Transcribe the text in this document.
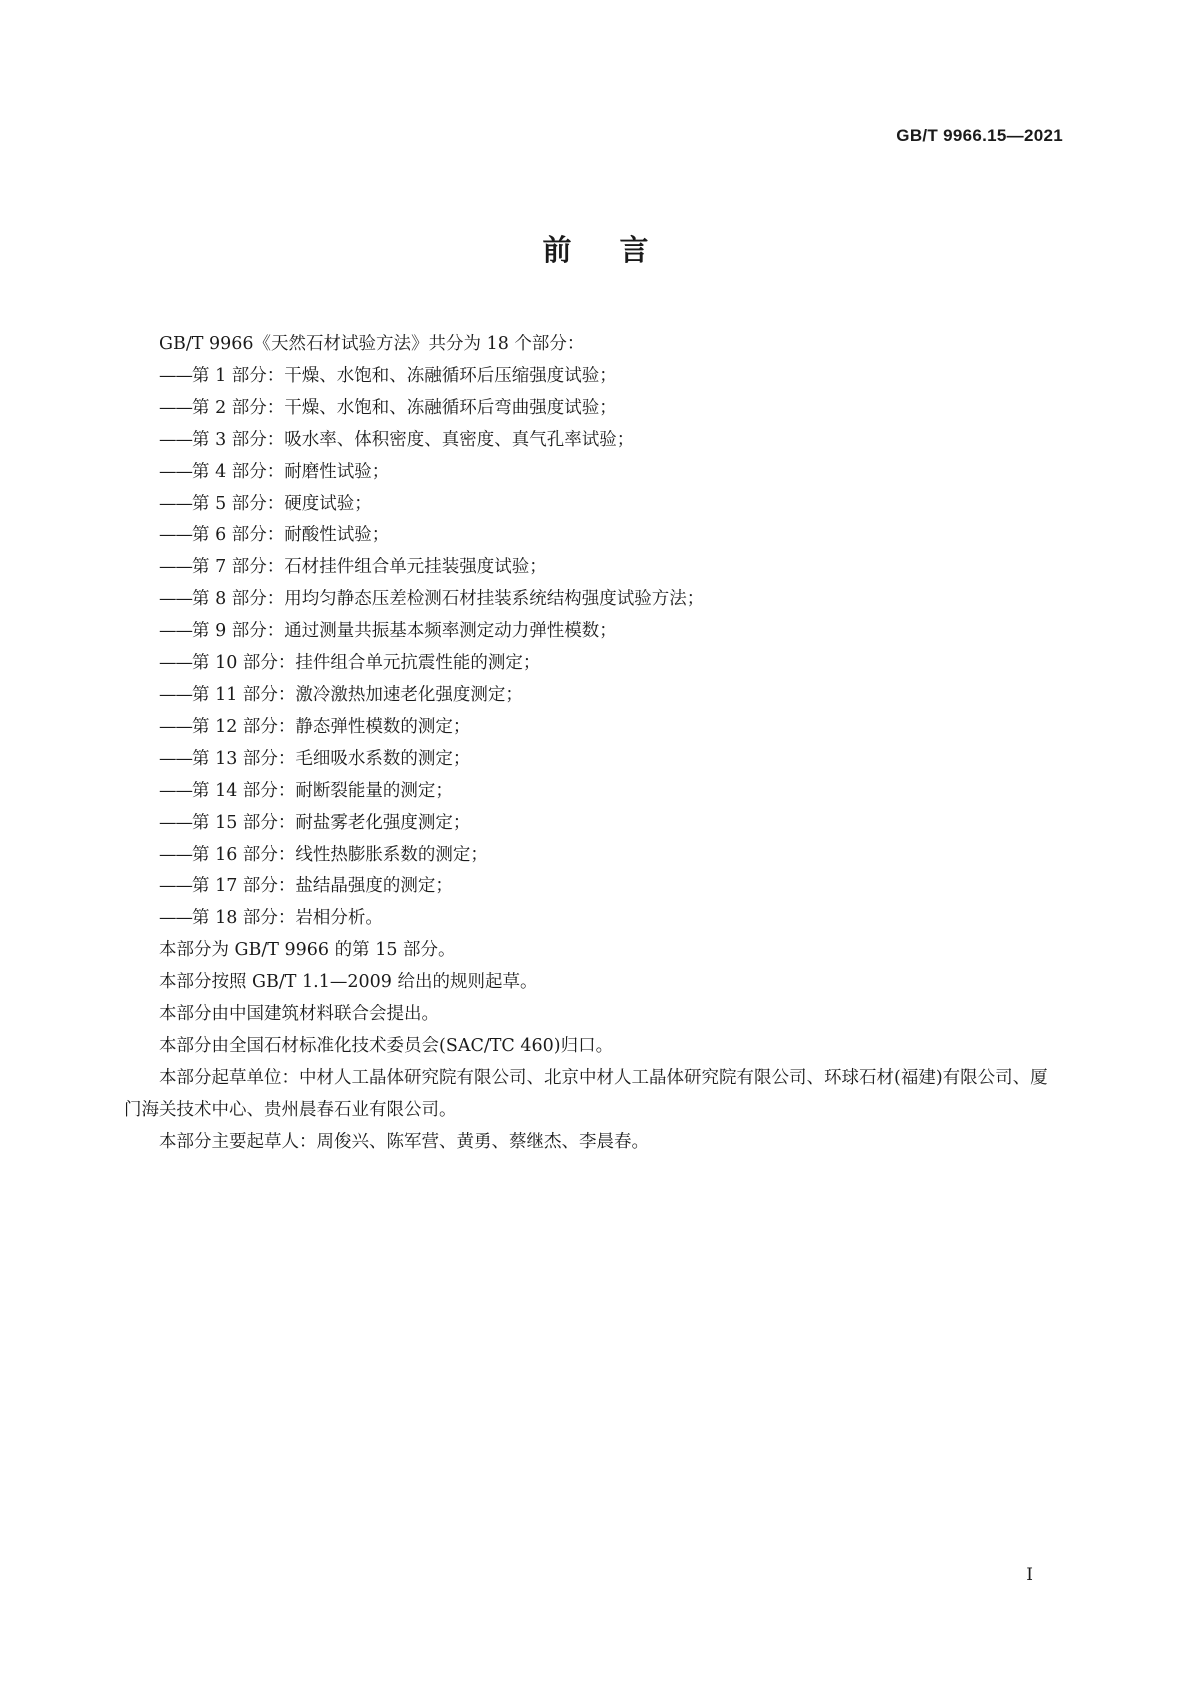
GB/T 9966.15—2021
前言

GB/T 9966《天然石材试验方法》共分为 18 个部分：

——第 1 部分：干燥、水饱和、冻融循环后压缩强度试验；

——第 2 部分：干燥、水饱和、冻融循环后弯曲强度试验；

——第 3 部分：吸水率、体积密度、真密度、真气孔率试验；

——第 4 部分：耐磨性试验；

——第 5 部分：硬度试验；

——第 6 部分：耐酸性试验；

——第 7 部分：石材挂件组合单元挂装强度试验；

——第 8 部分：用均匀静态压差检测石材挂装系统结构强度试验方法；

——第 9 部分：通过测量共振基本频率测定动力弹性模数；

——第 10 部分：挂件组合单元抗震性能的测定；

——第 11 部分：激冷激热加速老化强度测定；

——第 12 部分：静态弹性模数的测定；

——第 13 部分：毛细吸水系数的测定；

——第 14 部分：耐断裂能量的测定；

——第 15 部分：耐盐雾老化强度测定；

——第 16 部分：线性热膨胀系数的测定；

——第 17 部分：盐结晶强度的测定；

——第 18 部分：岩相分析。

本部分为 GB/T 9966 的第 15 部分。

本部分按照 GB/T 1.1—2009 给出的规则起草。

本部分由中国建筑材料联合会提出。

本部分由全国石材标准化技术委员会(SAC/TC 460)归口。

本部分起草单位：中材人工晶体研究院有限公司、北京中材人工晶体研究院有限公司、环球石材(福建)有限公司、厦门海关技术中心、贵州晨春石业有限公司。

本部分主要起草人：周俊兴、陈军营、黄勇、蔡继杰、李晨春。

I
